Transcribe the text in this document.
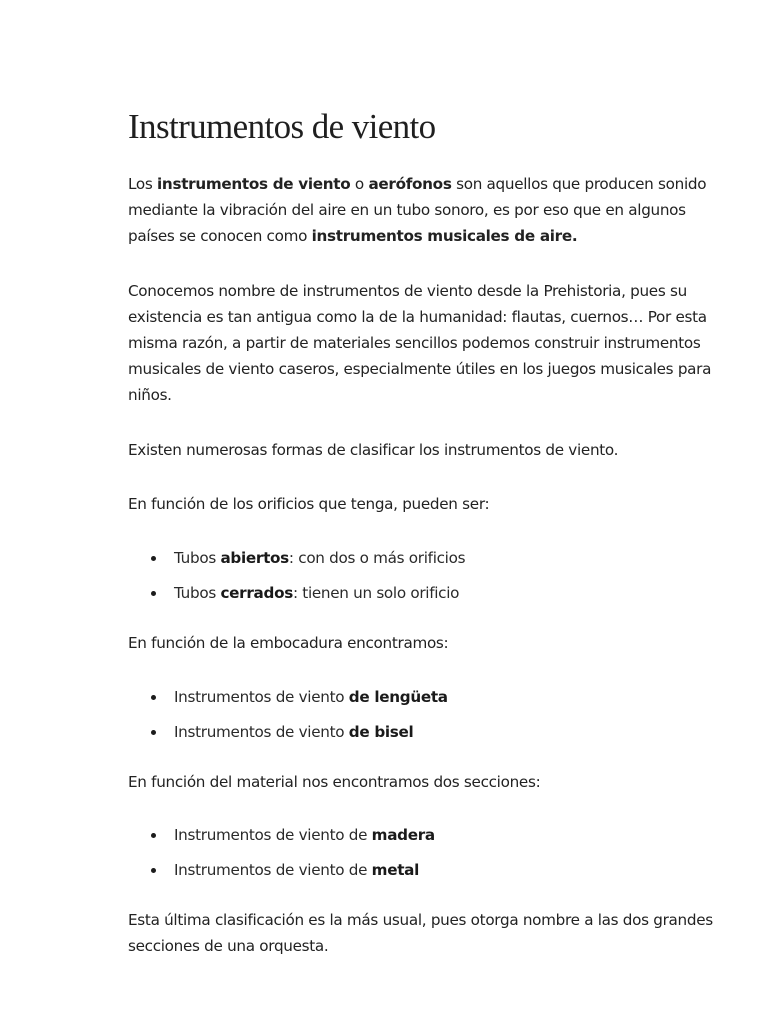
Instrumentos de viento

Los instrumentos de viento o aerófonos son aquellos que producen sonido mediante la vibración del aire en un tubo sonoro, es por eso que en algunos países se conocen como instrumentos musicales de aire.

Conocemos nombre de instrumentos de viento desde la Prehistoria, pues su existencia es tan antigua como la de la humanidad: flautas, cuernos… Por esta misma razón, a partir de materiales sencillos podemos construir instrumentos musicales de viento caseros, especialmente útiles en los juegos musicales para niños.

Existen numerosas formas de clasificar los instrumentos de viento.

En función de los orificios que tenga, pueden ser:

Tubos abiertos: con dos o más orificios
Tubos cerrados: tienen un solo orificio

En función de la embocadura encontramos:

Instrumentos de viento de lengüeta
Instrumentos de viento de bisel

En función del material nos encontramos dos secciones:

Instrumentos de viento de madera
Instrumentos de viento de metal

Esta última clasificación es la más usual, pues otorga nombre a las dos grandes secciones de una orquesta.
